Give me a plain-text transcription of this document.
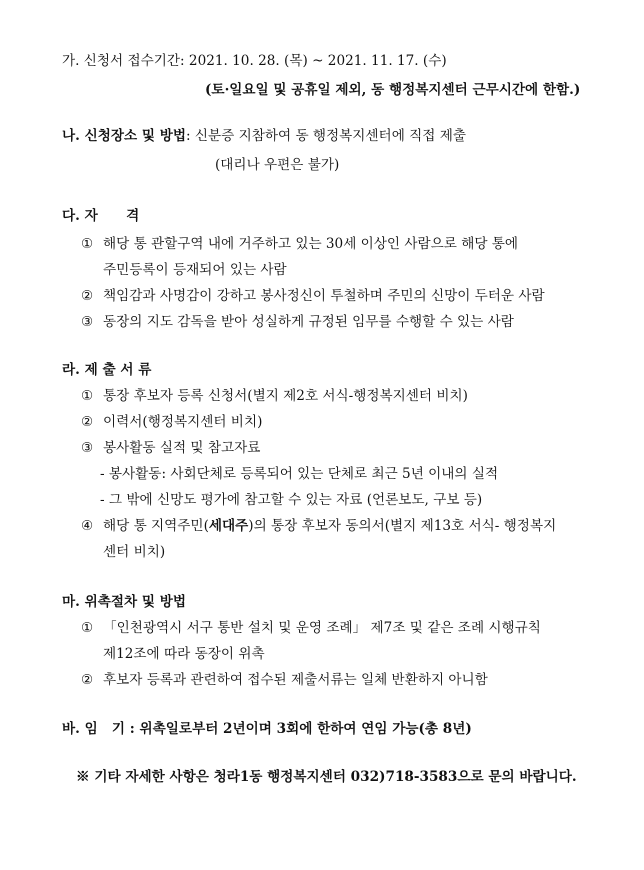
가. 신청서 접수기간: 2021. 10. 28. (목) ~ 2021. 11. 17. (수)
(토·일요일 및 공휴일 제외, 동 행정복지센터 근무시간에 한함.)
나. 신청장소 및 방법: 신분증 지참하여 동 행정복지센터에 직접 제출
(대리나 우편은 불가)
다. 자      격
① 해당 통 관할구역 내에 거주하고 있는 30세 이상인 사람으로 해당 통에
주민등록이 등재되어 있는 사람
② 책임감과 사명감이 강하고 봉사정신이 투철하며 주민의 신망이 두터운 사람
③ 동장의 지도 감독을 받아 성실하게 규정된 임무를 수행할 수 있는 사람
라. 제 출 서 류
① 통장 후보자 등록 신청서(별지 제2호 서식-행정복지센터 비치)
② 이력서(행정복지센터 비치)
③ 봉사활동 실적 및 참고자료
- 봉사활동: 사회단체로 등록되어 있는 단체로 최근 5년 이내의 실적
- 그 밖에 신망도 평가에 참고할 수 있는 자료 (언론보도, 구보 등)
④ 해당 통 지역주민(세대주)의 통장 후보자 동의서(별지 제13호 서식- 행정복지
센터 비치)
마. 위촉절차 및 방법
① 「인천광역시 서구 통반 설치 및 운영 조례」 제7조 및 같은 조례 시행규칙
제12조에 따라 동장이 위촉
② 후보자 등록과 관련하여 접수된 제출서류는 일체 반환하지 아니함
바. 임   기 : 위촉일로부터 2년이며 3회에 한하여 연임 가능(총 8년)
※ 기타 자세한 사항은 청라1동 행정복지센터 032)718-3583으로 문의 바랍니다.
